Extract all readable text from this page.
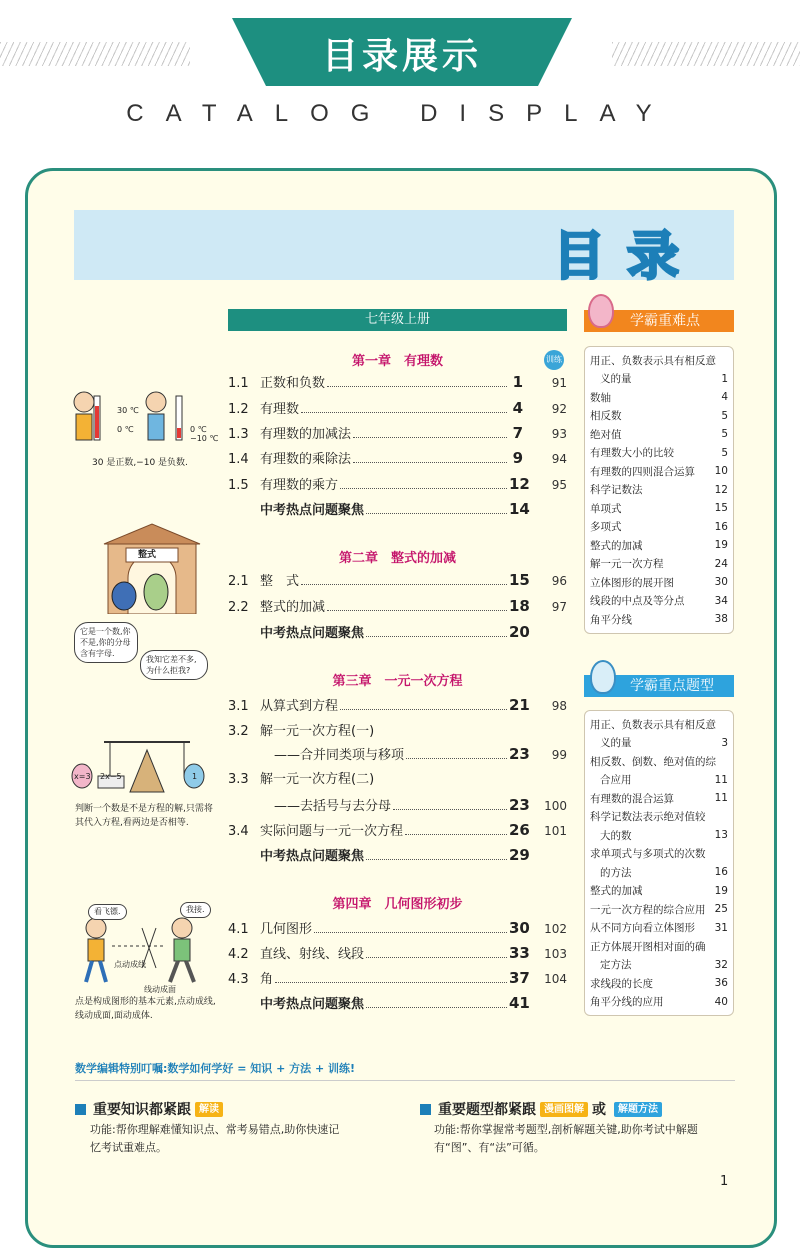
目录展示
CATALOG DISPLAY
目录
七年级上册
训练
第一章　有理数
1.1 正数和负数	1	91
1.2 有理数	4	92
1.3 有理数的加减法	7	93
1.4 有理数的乘除法	9	94
1.5 有理数的乘方	12	95
中考热点问题聚焦	14
第二章　整式的加减
2.1 整　式	15	96
2.2 整式的加减	18	97
中考热点问题聚焦	20
第三章　一元一次方程
3.1 从算式到方程	21	98
3.2 解一元一次方程(一)
——合并同类项与移项	23	99
3.3 解一元一次方程(二)
——去括号与去分母	23	100
3.4 实际问题与一元一次方程	26	101
中考热点问题聚焦	29
第四章　几何图形初步
4.1 几何图形	30	102
4.2 直线、射线、线段	33	103
4.3 角	37	104
中考热点问题聚焦	41
学霸重难点
用正、负数表示具有相反意
义的量	1
数轴	4
相反数	5
绝对值	5
有理数大小的比较	5
有理数的四则混合运算 10
科学记数法	12
单项式	15
多项式	16
整式的加减	19
解一元一次方程	24
立体图形的展开图	30
线段的中点及等分点	34
角平分线	38
学霸重点题型
用正、负数表示具有相反意
义的量	3
相反数、倒数、绝对值的综
合应用	11
有理数的混合运算	11
科学记数法表示绝对值较
大的数	13
求单项式与多项式的次数
的方法	16
整式的加减	19
一元一次方程的综合应用 25
从不同方向看立体图形 31
正方体展开图相对面的确
定方法	32
求线段的长度	36
角平分线的应用	40
30 ℃
0 ℃	0 ℃
−10 ℃
30 是正数,−10 是负数.
整式
它是一个数,你不是,你的分母含有字母.
我知它差不多,为什么拒我?
2x−5
x=3	1
判断一个数是不是方程的解,只需将其代入方程,看两边是否相等.
看飞镖.	我接.
点动成线
线动成面
点是构成图形的基本元素,点动成线,线动成面,面动成体.
数学编辑特别叮嘱:数学如何学好 = 知识 + 方法 + 训练!
重要知识都紧跟 解读
功能:帮你理解难懂知识点、常考易错点,助你快速记忆考试重难点。
重要题型都紧跟 漫画图解 或	解题方法
功能:帮你掌握常考题型,剖析解题关键,助你考试中解题有“图”、有“法”可循。
1
